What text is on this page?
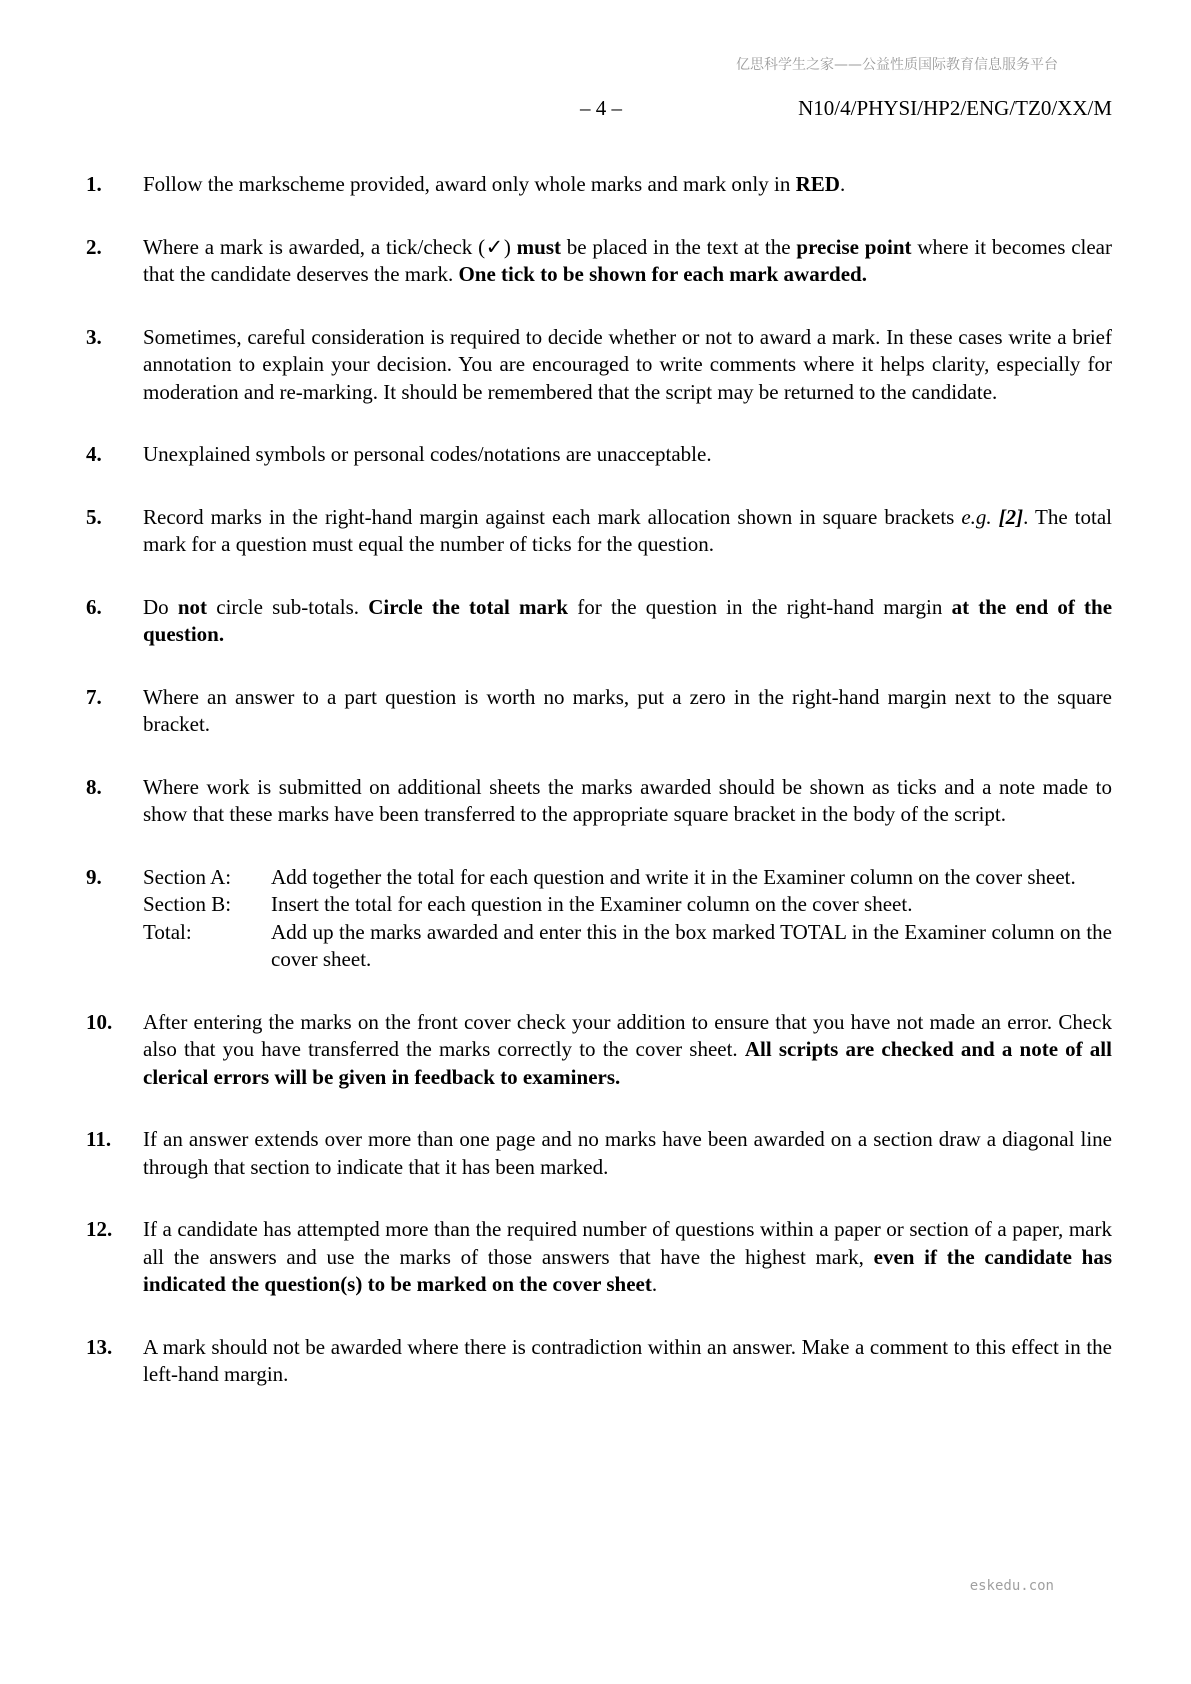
亿思科学生之家——公益性质国际教育信息服务平台
– 4 –	N10/4/PHYSI/HP2/ENG/TZ0/XX/M
1.	Follow the markscheme provided, award only whole marks and mark only in RED.
2.	Where a mark is awarded, a tick/check (✓) must be placed in the text at the precise point where it becomes clear that the candidate deserves the mark. One tick to be shown for each mark awarded.
3.	Sometimes, careful consideration is required to decide whether or not to award a mark. In these cases write a brief annotation to explain your decision. You are encouraged to write comments where it helps clarity, especially for moderation and re-marking. It should be remembered that the script may be returned to the candidate.
4.	Unexplained symbols or personal codes/notations are unacceptable.
5.	Record marks in the right-hand margin against each mark allocation shown in square brackets e.g. [2]. The total mark for a question must equal the number of ticks for the question.
6.	Do not circle sub-totals. Circle the total mark for the question in the right-hand margin at the end of the question.
7.	Where an answer to a part question is worth no marks, put a zero in the right-hand margin next to the square bracket.
8.	Where work is submitted on additional sheets the marks awarded should be shown as ticks and a note made to show that these marks have been transferred to the appropriate square bracket in the body of the script.
9.	Section A:	Add together the total for each question and write it in the Examiner column on the cover sheet.
Section B:	Insert the total for each question in the Examiner column on the cover sheet.
Total:	Add up the marks awarded and enter this in the box marked TOTAL in the Examiner column on the cover sheet.
10.	After entering the marks on the front cover check your addition to ensure that you have not made an error. Check also that you have transferred the marks correctly to the cover sheet. All scripts are checked and a note of all clerical errors will be given in feedback to examiners.
11.	If an answer extends over more than one page and no marks have been awarded on a section draw a diagonal line through that section to indicate that it has been marked.
12.	If a candidate has attempted more than the required number of questions within a paper or section of a paper, mark all the answers and use the marks of those answers that have the highest mark, even if the candidate has indicated the question(s) to be marked on the cover sheet.
13.	A mark should not be awarded where there is contradiction within an answer. Make a comment to this effect in the left-hand margin.
eskedu.con
